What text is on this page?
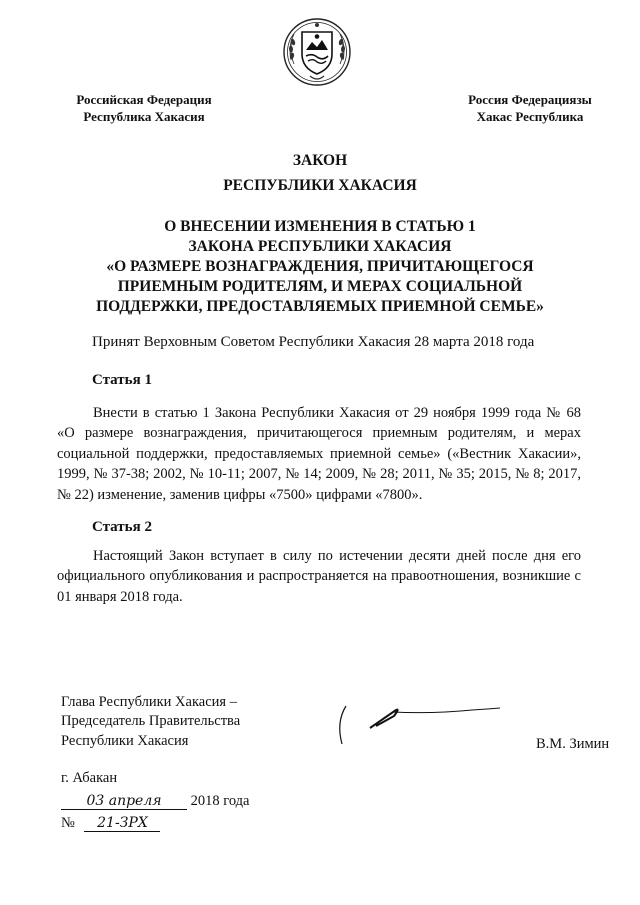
Российская Федерация
Республика Хакасия
Россия Федерациязы
Хакас Республика
ЗАКОН
РЕСПУБЛИКИ ХАКАСИЯ
О ВНЕСЕНИИ ИЗМЕНЕНИЯ В СТАТЬЮ 1
ЗАКОНА РЕСПУБЛИКИ ХАКАСИЯ
«О РАЗМЕРЕ ВОЗНАГРАЖДЕНИЯ, ПРИЧИТАЮЩЕГОСЯ
ПРИЕМНЫМ РОДИТЕЛЯМ, И МЕРАХ СОЦИАЛЬНОЙ
ПОДДЕРЖКИ, ПРЕДОСТАВЛЯЕМЫХ ПРИЕМНОЙ СЕМЬЕ»
Принят Верховным Советом Республики Хакасия 28 марта 2018 года
Статья 1
Внести в статью 1 Закона Республики Хакасия от 29 ноября 1999 года № 68 «О размере вознаграждения, причитающегося приемным родителям, и мерах социальной поддержки, предоставляемых приемной семье» («Вестник Хакасии», 1999, № 37-38; 2002, № 10-11; 2007, № 14; 2009, № 28; 2011, № 35; 2015, № 8; 2017, № 22) изменение, заменив цифры «7500» цифрами «7800».
Статья 2
Настоящий Закон вступает в силу по истечении десяти дней после дня его официального опубликования и распространяется на правоотношения, возникшие с 01 января 2018 года.
Глава Республики Хакасия –
Председатель Правительства
Республики Хакасия	В.М. Зимин
г. Абакан
03 апреля 2018 года
№ 21-ЗРХ
